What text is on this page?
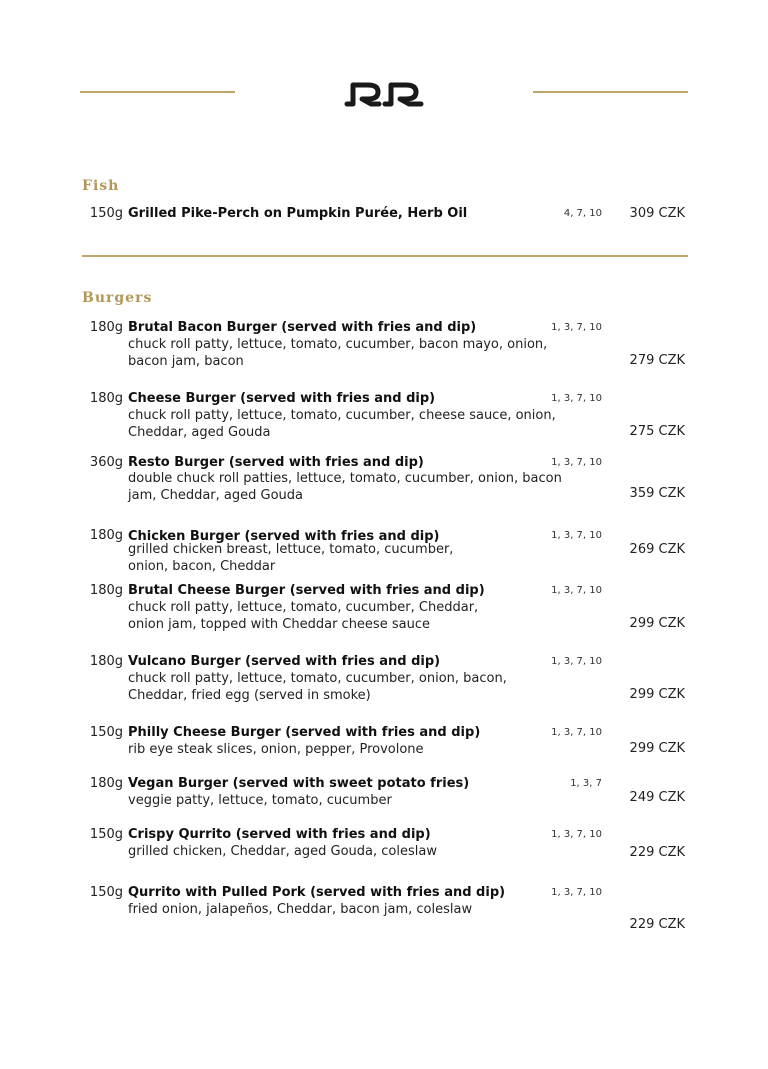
Fish
150g Grilled Pike-Perch on Pumpkin Purée, Herb Oil	4, 7, 10 309 CZK
Burgers
180g Brutal Bacon Burger (served with fries and dip)	1, 3, 7, 10
chuck roll patty, lettuce, tomato, cucumber, bacon mayo, onion, bacon jam, bacon	279 CZK
180g Cheese Burger (served with fries and dip)	1, 3, 7, 10
chuck roll patty, lettuce, tomato, cucumber, cheese sauce, onion, Cheddar, aged Gouda	275 CZK
360g Resto Burger (served with fries and dip)	1, 3, 7, 10
double chuck roll patties, lettuce, tomato, cucumber, onion, bacon jam, Cheddar, aged Gouda	359 CZK
180g Chicken Burger (served with fries and dip)	1, 3, 7, 10
grilled chicken breast, lettuce, tomato, cucumber, onion, bacon, Cheddar
269 CZK
180g Brutal Cheese Burger (served with fries and dip)	1, 3, 7, 10
chuck roll patty, lettuce, tomato, cucumber, Cheddar, onion jam, topped with Cheddar cheese sauce	299 CZK
180g Vulcano Burger (served with fries and dip)	1, 3, 7, 10
chuck roll patty, lettuce, tomato, cucumber, onion, bacon, Cheddar, fried egg (served in smoke)	299 CZK
150g Philly Cheese Burger (served with fries and dip)	1, 3, 7, 10
rib eye steak slices, onion, pepper, Provolone	299 CZK
180g Vegan Burger (served with sweet potato fries)	1, 3, 7
veggie patty, lettuce, tomato, cucumber	249 CZK
150g Crispy Qurrito (served with fries and dip)	1, 3, 7, 10
grilled chicken, Cheddar, aged Gouda, coleslaw	229 CZK
150g Qurrito with Pulled Pork (served with fries and dip)	1, 3, 7, 10
fried onion, jalapeños, Cheddar, bacon jam, coleslaw
229 CZK
